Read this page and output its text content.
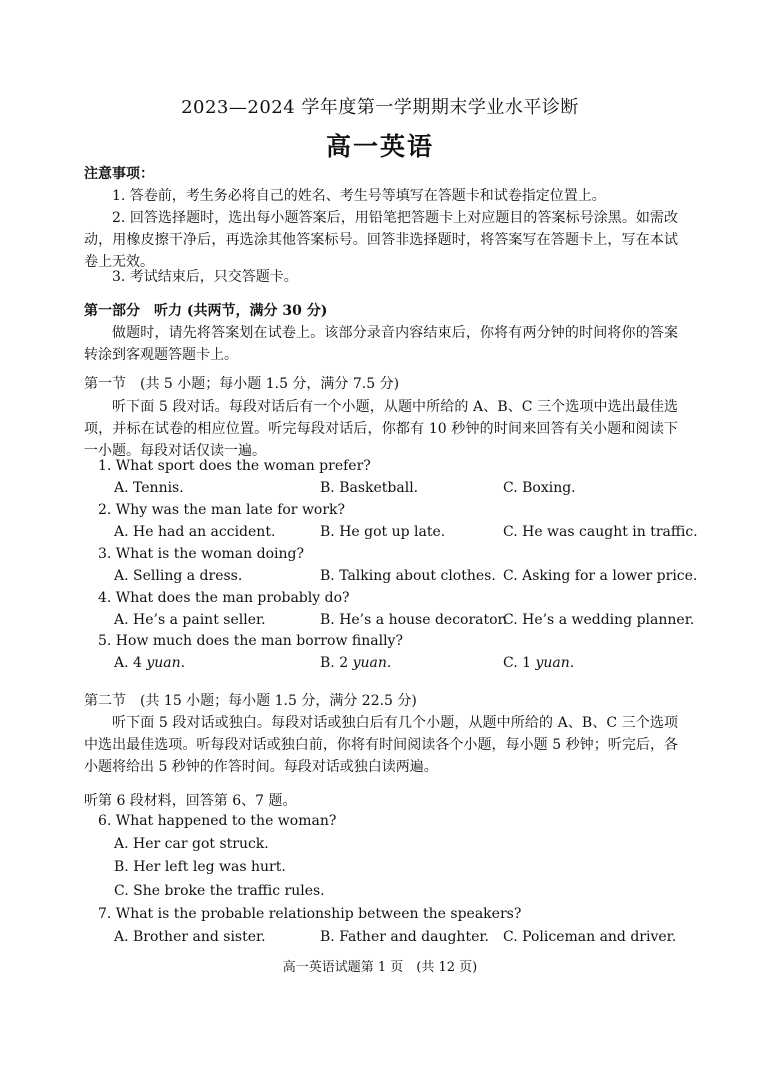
2023—2024 学年度第一学期期末学业水平诊断
高一英语
注意事项：
1. 答卷前，考生务必将自己的姓名、考生号等填写在答题卡和试卷指定位置上。
2. 回答选择题时，选出每小题答案后，用铅笔把答题卡上对应题目的答案标号涂黑。如需改动，用橡皮擦干净后，再选涂其他答案标号。回答非选择题时，将答案写在答题卡上，写在本试卷上无效。
3. 考试结束后，只交答题卡。
第一部分　听力 (共两节，满分 30 分)
做题时，请先将答案划在试卷上。该部分录音内容结束后，你将有两分钟的时间将你的答案转涂到客观题答题卡上。
第一节　(共 5 小题；每小题 1.5 分，满分 7.5 分)
听下面 5 段对话。每段对话后有一个小题，从题中所给的 A、B、C 三个选项中选出最佳选项，并标在试卷的相应位置。听完每段对话后，你都有 10 秒钟的时间来回答有关小题和阅读下一小题。每段对话仅读一遍。
1. What sport does the woman prefer?
A. Tennis.	B. Basketball.	C. Boxing.
2. Why was the man late for work?
A. He had an accident.	B. He got up late.	C. He was caught in traffic.
3. What is the woman doing?
A. Selling a dress.	B. Talking about clothes. C. Asking for a lower price.
4. What does the man probably do?
A. He’s a paint seller.	B. He’s a house decorator.
C. He’s a wedding planner.
5. How much does the man borrow finally?
A. 4 yuan.	B. 2 yuan.	C. 1 yuan.
第二节　(共 15 小题；每小题 1.5 分，满分 22.5 分)
听下面 5 段对话或独白。每段对话或独白后有几个小题，从题中所给的 A、B、C 三个选项中选出最佳选项。听每段对话或独白前，你将有时间阅读各个小题，每小题 5 秒钟；听完后，各小题将给出 5 秒钟的作答时间。每段对话或独白读两遍。
听第 6 段材料，回答第 6、7 题。
6. What happened to the woman?
A. Her car got struck.
B. Her left leg was hurt.
C. She broke the traffic rules.
7. What is the probable relationship between the speakers?
A. Brother and sister.	B. Father and daughter. C. Policeman and driver.
高一英语试题第 1 页　(共 12 页)
